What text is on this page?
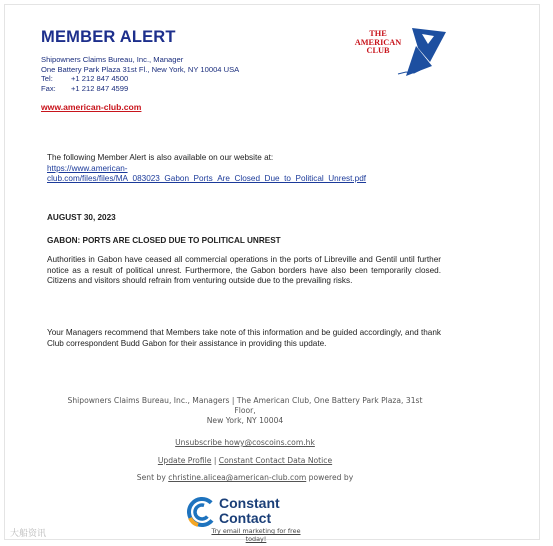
MEMBER ALERT
Shipowners Claims Bureau, Inc., Manager
One Battery Park Plaza 31st Fl., New York, NY 10004 USA
Tel: +1 212 847 4500
Fax: +1 212 847 4599
www.american-club.com
THE
AMERICAN
CLUB
The following Member Alert is also available on our website at:
https://www.american-
club.com/files/files/MA_083023_Gabon_Ports_Are_Closed_Due_to_Political_Unrest.pdf
AUGUST 30, 2023
GABON: PORTS ARE CLOSED DUE TO POLITICAL UNREST
Authorities in Gabon have ceased all commercial operations in the ports of Libreville and Gentil until further notice as a result of political unrest. Furthermore, the Gabon borders have also been temporarily closed. Citizens and visitors should refrain from venturing outside due to the prevailing risks.
Your Managers recommend that Members take note of this information and be guided accordingly, and thank Club correspondent Budd Gabon for their assistance in providing this update.
Shipowners Claims Bureau, Inc., Managers | The American Club, One Battery Park Plaza, 31st
Floor,
New York, NY 10004
Unsubscribe howy@coscoins.com.hk
Update Profile | Constant Contact Data Notice
Sent by christine.alicea@american-club.com powered by
Constant
Contact
Try email marketing for free today!
大船资讯
